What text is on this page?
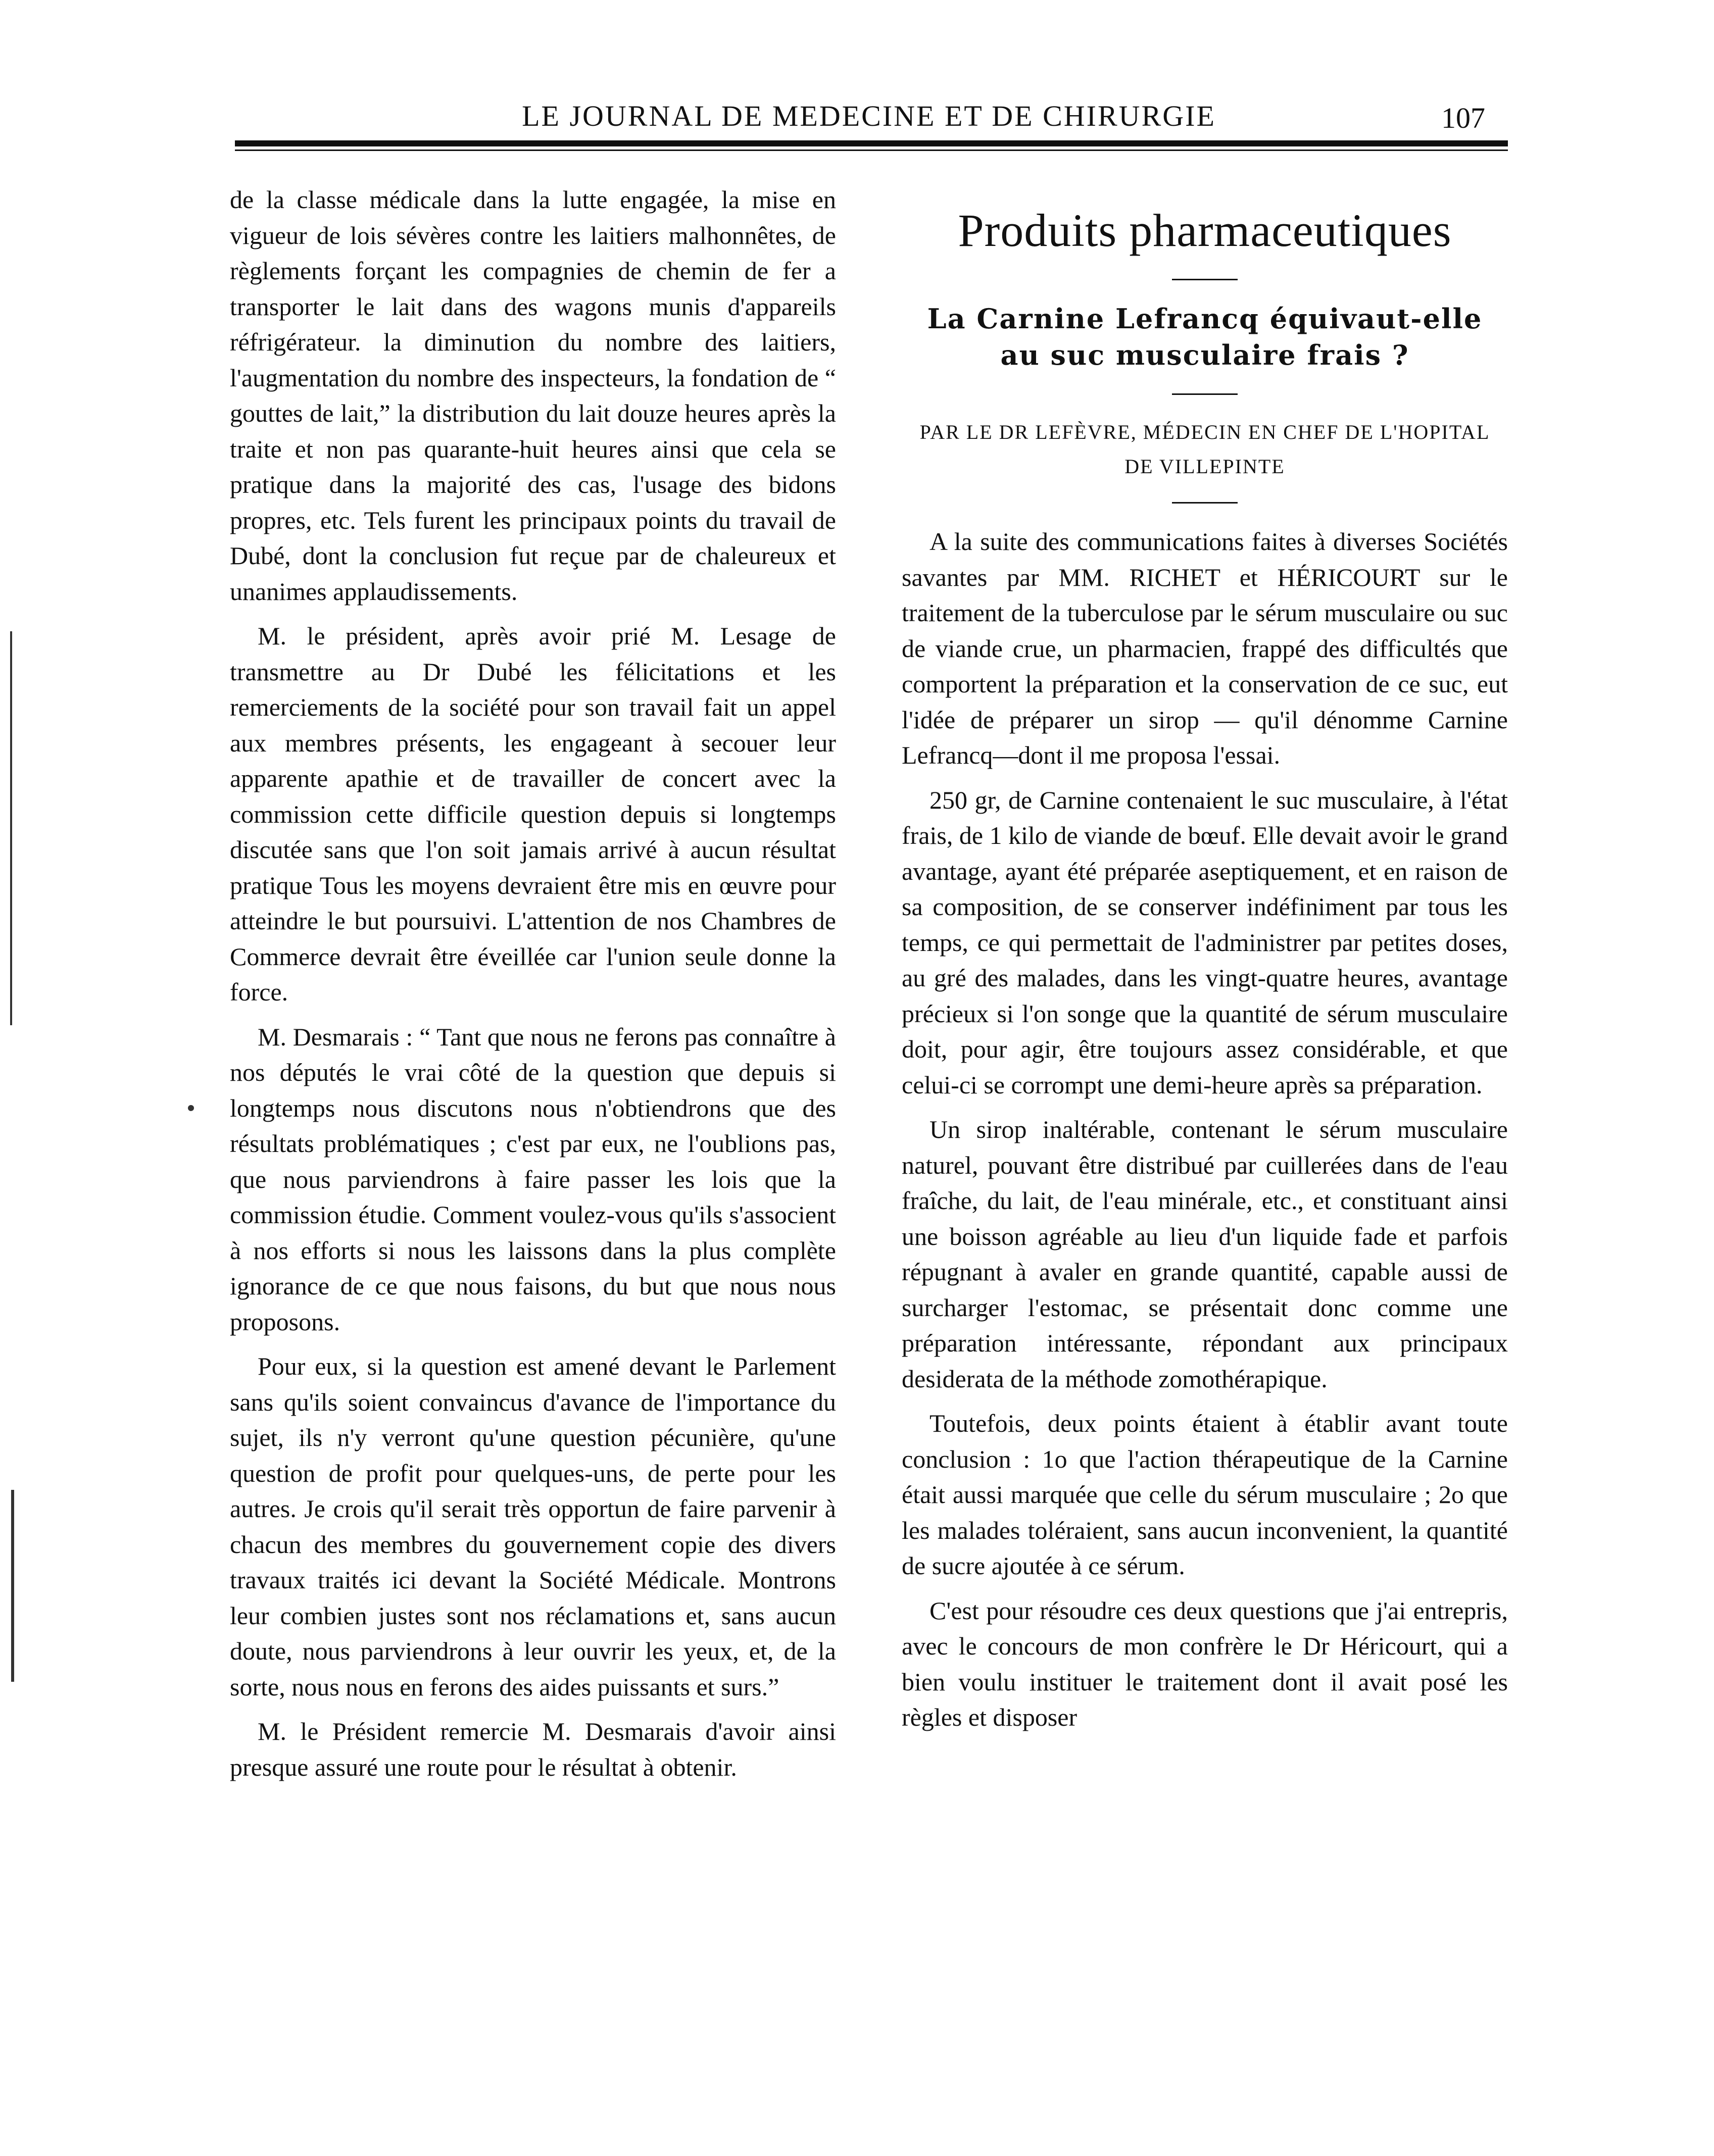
LE JOURNAL DE MEDECINE ET DE CHIRURGIE	107

de la classe médicale dans la lutte engagée, la mise en vigueur de lois sévères contre les laitiers malhonnêtes, de règlements forçant les compagnies de chemin de fer a transporter le lait dans des wagons munis d'appareils réfrigérateur. la diminution du nombre des laitiers, l'augmentation du nombre des inspecteurs, la fondation de “ gouttes de lait,” la distribution du lait douze heures après la traite et non pas quarante-huit heures ainsi que cela se pratique dans la majorité des cas, l'usage des bidons propres, etc. Tels furent les principaux points du travail de Dubé, dont la conclusion fut reçue par de chaleureux et unanimes applaudissements.

M. le président, après avoir prié M. Lesage de transmettre au Dr Dubé les félicitations et les remerciements de la société pour son travail fait un appel aux membres présents, les engageant à secouer leur apparente apathie et de travailler de concert avec la commission cette difficile question depuis si longtemps discutée sans que l'on soit jamais arrivé à aucun résultat pratique Tous les moyens devraient être mis en œuvre pour atteindre le but poursuivi. L'attention de nos Chambres de Commerce devrait être éveillée car l'union seule donne la force.

M. Desmarais : “ Tant que nous ne ferons pas connaître à nos députés le vrai côté de la question que depuis si longtemps nous discutons nous n'obtiendrons que des résultats problématiques ; c'est par eux, ne l'oublions pas, que nous parviendrons à faire passer les lois que la commission étudie. Comment voulez-vous qu'ils s'associent à nos efforts si nous les laissons dans la plus complète ignorance de ce que nous faisons, du but que nous nous proposons.

Pour eux, si la question est amené devant le Parlement sans qu'ils soient convaincus d'avance de l'importance du sujet, ils n'y verront qu'une question pécunière, qu'une question de profit pour quelques-uns, de perte pour les autres. Je crois qu'il serait très opportun de faire parvenir à chacun des membres du gouvernement copie des divers travaux traités ici devant la Société Médicale. Montrons leur combien justes sont nos réclamations et, sans aucun doute, nous parviendrons à leur ouvrir les yeux, et, de la sorte, nous nous en ferons des aides puissants et surs.”

M. le Président remercie M. Desmarais d'avoir ainsi presque assuré une route pour le résultat à obtenir.

Produits pharmaceutiques
La Carnine Lefrancq équivaut-elle au suc musculaire frais ?
PAR LE DR LEFÈVRE, MÉDECIN EN CHEF DE L'HOPITAL DE VILLEPINTE

A la suite des communications faites à diverses Sociétés savantes par MM. RICHET et HÉRICOURT sur le traitement de la tuberculose par le sérum musculaire ou suc de viande crue, un pharmacien, frappé des difficultés que comportent la préparation et la conservation de ce suc, eut l'idée de préparer un sirop — qu'il dénomme Carnine Lefrancq—dont il me proposa l'essai.

250 gr, de Carnine contenaient le suc musculaire, à l'état frais, de 1 kilo de viande de bœuf. Elle devait avoir le grand avantage, ayant été préparée aseptiquement, et en raison de sa composition, de se conserver indéfiniment par tous les temps, ce qui permettait de l'administrer par petites doses, au gré des malades, dans les vingt-quatre heures, avantage précieux si l'on songe que la quantité de sérum musculaire doit, pour agir, être toujours assez considérable, et que celui-ci se corrompt une demi-heure après sa préparation.

Un sirop inaltérable, contenant le sérum musculaire naturel, pouvant être distribué par cuillerées dans de l'eau fraîche, du lait, de l'eau minérale, etc., et constituant ainsi une boisson agréable au lieu d'un liquide fade et parfois répugnant à avaler en grande quantité, capable aussi de surcharger l'estomac, se présentait donc comme une préparation intéressante, répondant aux principaux desiderata de la méthode zomothérapique.

Toutefois, deux points étaient à établir avant toute conclusion : 1o que l'action thérapeutique de la Carnine était aussi marquée que celle du sérum musculaire ; 2o que les malades toléraient, sans aucun inconvenient, la quantité de sucre ajoutée à ce sérum.

C'est pour résoudre ces deux questions que j'ai entrepris, avec le concours de mon confrère le Dr Héricourt, qui a bien voulu instituer le traitement dont il avait posé les règles et disposer
